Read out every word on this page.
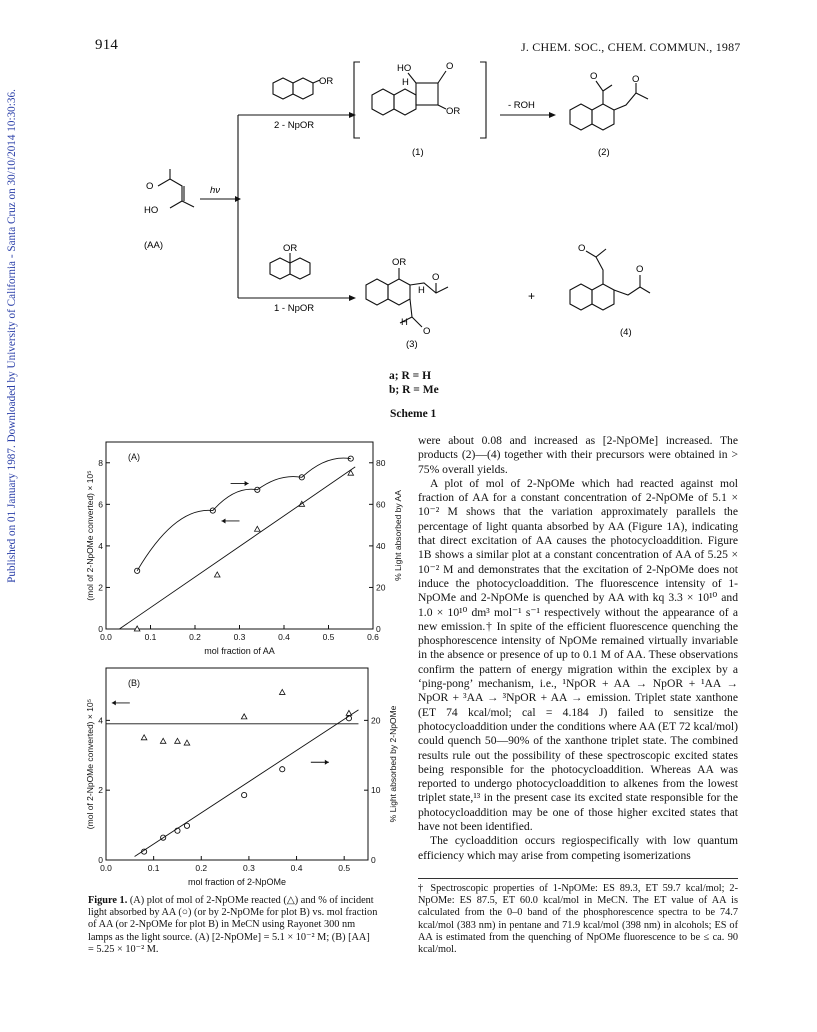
914	J. CHEM. SOC., CHEM. COMMUN., 1987
Published on 01 January 1987. Downloaded by University of California - Santa Cruz on 30/10/2014 10:30:36.	hν
2 - NpOR
1 - NpOR
- ROH
+
(1)	(2)
(3)
(4)
(AA)
O
HO
OR
OR
HO	O
H
OR
O	O
OR
H
O
H
O
O
O
a; R = H
b; R = Me
Scheme 1
0.0	0.1	0.2	0.3	0.4	0.5	0.6
0
2
4
6
8
0
20
40
60
80
(A)
mol fraction of AA
(mol of 2-NpOMe converted) × 10⁵	% Light absorbed by AA
0.0	0.1	0.2	0.3	0.4	0.5
0
2
4
0
10
20
(B)
mol fraction of 2-NpOMe
(mol of 2-NpOMe converted) × 10⁵	% Light absorbed by 2-NpOMe
Figure 1. (A) plot of mol of 2-NpOMe reacted (△) and % of incident light absorbed by AA (○) (or by 2-NpOMe for plot B) vs. mol fraction of AA (or 2-NpOMe for plot B) in MeCN using Rayonet 300 nm lamps as the light source. (A) [2-NpOMe] = 5.1 × 10⁻² M; (B) [AA] = 5.25 × 10⁻² M.

were about 0.08 and increased as [2-NpOMe] increased. The products (2)—(4) together with their precursors were obtained in > 75% overall yields.

A plot of mol of 2-NpOMe which had reacted against mol fraction of AA for a constant concentration of 2-NpOMe of 5.1 × 10⁻² M shows that the variation approximately parallels the percentage of light quanta absorbed by AA (Figure 1A), indicating that direct excitation of AA causes the photocycloaddition. Figure 1B shows a similar plot at a constant concentration of AA of 5.25 × 10⁻² M and demonstrates that the excitation of 2-NpOMe does not induce the photocycloaddition. The fluorescence intensity of 1-NpOMe and 2-NpOMe is quenched by AA with kq 3.3 × 10¹⁰ and 1.0 × 10¹⁰ dm³ mol⁻¹ s⁻¹ respectively without the appearance of a new emission.† In spite of the efficient fluorescence quenching the phosphorescence intensity of NpOMe remained virtually invariable in the absence or presence of up to 0.1 M of AA. These observations confirm the pattern of energy migration within the exciplex by a ‘ping-pong’ mechanism, i.e., ¹NpOR + AA → NpOR + ¹AA → NpOR + ³AA → ³NpOR + AA → emission. Triplet state xanthone (ET 74 kcal/mol; cal = 4.184 J) failed to sensitize the photocycloaddition under the conditions where AA (ET 72 kcal/mol) could quench 50—90% of the xanthone triplet state. The combined results rule out the possibility of these spectroscopic excited states being responsible for the photocycloaddition. Whereas AA was reported to undergo photocycloaddition to alkenes from the lowest triplet state,¹³ in the present case its excited state responsible for the photocycloaddition may be one of those higher excited states that have not been identified.

The cycloaddition occurs regiospecifically with low quantum efficiency which may arise from competing isomerizations

† Spectroscopic properties of 1-NpOMe: ES 89.3, ET 59.7 kcal/mol; 2-NpOMe: ES 87.5, ET 60.0 kcal/mol in MeCN. The ET value of AA is calculated from the 0–0 band of the phosphorescence spectra to be 74.7 kcal/mol (383 nm) in pentane and 71.9 kcal/mol (398 nm) in alcohols; ES of AA is estimated from the quenching of NpOMe fluorescence to be ≤ ca. 90 kcal/mol.
